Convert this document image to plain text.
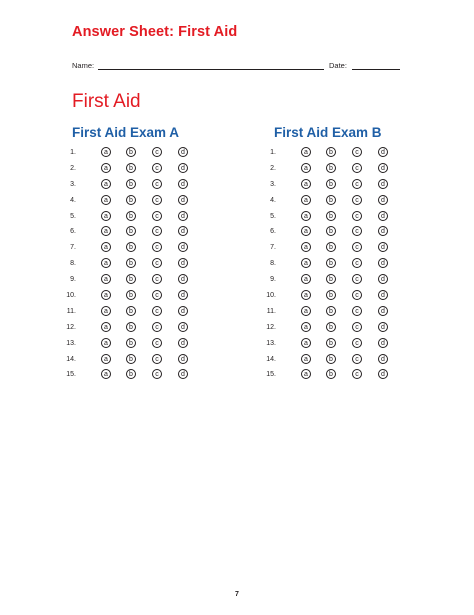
Answer Sheet: First Aid
Name:	Date:
First Aid
First Aid Exam A	First Aid Exam B
1.	a	b	c	d
2.	a	b	c	d
3.	a	b	c	d
4.	a	b	c	d
5.	a	b	c	d
6.	a	b	c	d
7.	a	b	c	d
8.	a	b	c	d
9.	a	b	c	d
10.	a	b	c	d
11.	a	b	c	d
12.	a	b	c	d
13.	a	b	c	d
14.	a	b	c	d
15.	a	b	c	d
1.	a	b	c	d
2.	a	b	c	d
3.	a	b	c	d
4.	a	b	c	d
5.	a	b	c	d
6.	a	b	c	d
7.	a	b	c	d
8.	a	b	c	d
9.	a	b	c	d
10.	a	b	c	d
11.	a	b	c	d
12.	a	b	c	d
13.	a	b	c	d
14.	a	b	c	d
15.	a	b	c	d
7
